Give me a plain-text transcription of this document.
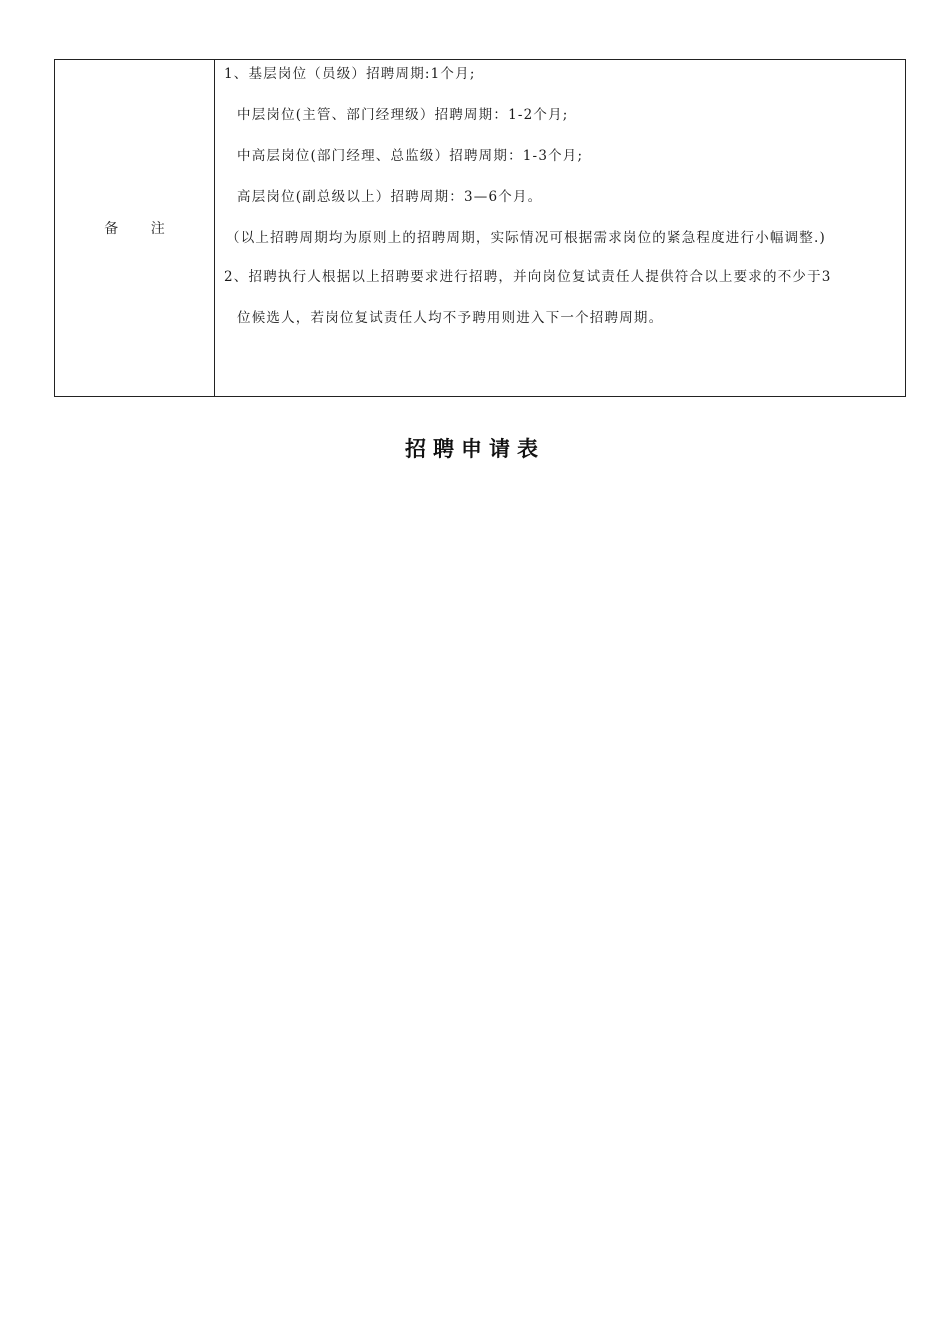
备 注	

1、基层岗位（员级）招聘周期:1个月;

中层岗位(主管、部门经理级）招聘周期：1-2个月;

中高层岗位(部门经理、总监级）招聘周期：1-3个月;

高层岗位(副总级以上）招聘周期：3—6个月。

（以上招聘周期均为原则上的招聘周期，实际情况可根据需求岗位的紧急程度进行小幅调整.)

2、招聘执行人根据以上招聘要求进行招聘，并向岗位复试责任人提供符合以上要求的不少于3

位候选人，若岗位复试责任人均不予聘用则进入下一个招聘周期。

招聘申请表
